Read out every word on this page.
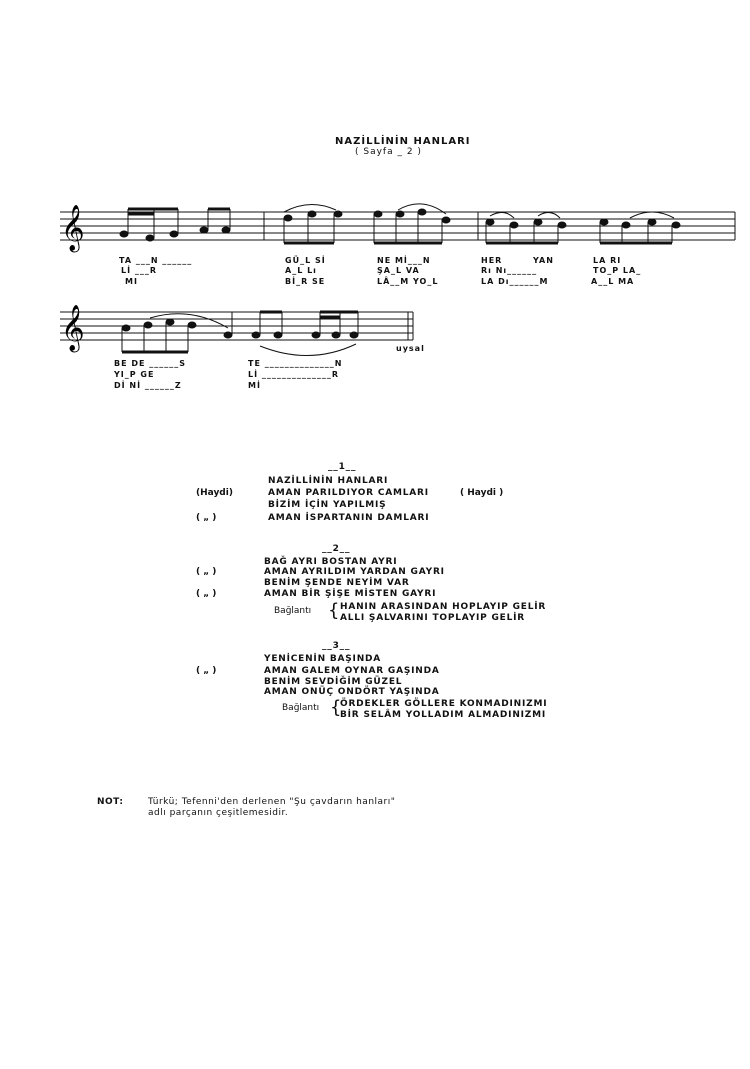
NAZİLLİNİN HANLARI
( Sayfa _ 2 )
𝄞
𝄞
TA ___N ______	GÜ_L Sİ	NE Mİ___N	HER	YAN	LA RI
Lİ ___R	A_L Lı	ŞA_L VA	Rı Nı______	TO_P LA_
MI	Bİ_R SE	LÂ__M YO_L	LA Dı______M	A__L MA
uysal
BE DE ______S	TE ______________N
YI_P GE	Lİ ______________R
Dİ Nİ ______Z	Mİ
__1__
NAZİLLİNİN HANLARI
(Haydi)	AMAN PARILDIYOR CAMLARI	( Haydi )
BİZİM İÇİN YAPILMIŞ
( „ )	AMAN İSPARTANIN DAMLARI
__2__
BAĞ AYRI BOSTAN AYRI
( „ )	AMAN AYRILDIM YARDAN GAYRI
BENİM ŞENDE NEYİM VAR
( „ )	AMAN BİR ŞİŞE MİSTEN GAYRI
Bağlantı { HANIN ARASINDAN HOPLAYIP GELİR
ALLI ŞALVARINI TOPLAYIP GELİR
__3__
YENİCENİN BAŞINDA
( „ )	AMAN GALEM OYNAR GAŞINDA
BENİM SEVDİĞİM GÜZEL
AMAN ONÜÇ ONDÖRT YAŞINDA
Bağlantı {
ÖRDEKLER GÖLLERE KONMADINIZMI
BİR SELÂM YOLLADIM ALMADINIZMI
NOT:	Türkü; Tefenni'den derlenen "Şu çavdarın hanları"
adlı parçanın çeşitlemesidir.
